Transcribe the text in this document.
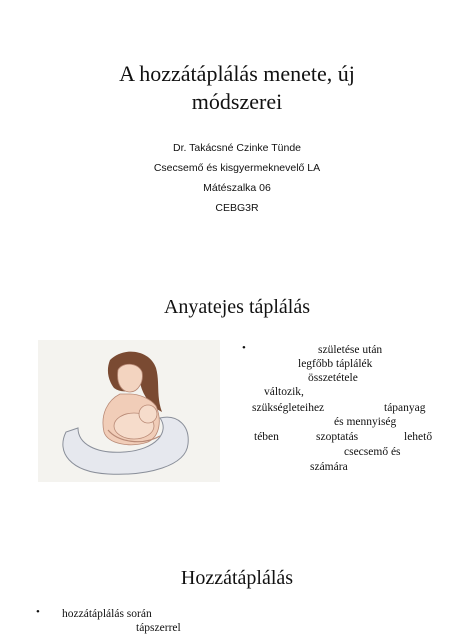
A hozzátáplálás menete, új
módszerei
Dr. Takácsné Czinke Tünde
Csecsemő és kisgyermeknevelő LA
Mátészalka 06
CEBG3R
Anyatejes táplálás
•	születése után
legfőbb táplálék
összetétele
változik,
szükségleteihez	tápanyag
és mennyiség
tében	szoptatás	lehető
csecsemő és
számára
Hozzátáplálás
• hozzátáplálás során
tápszerrel
